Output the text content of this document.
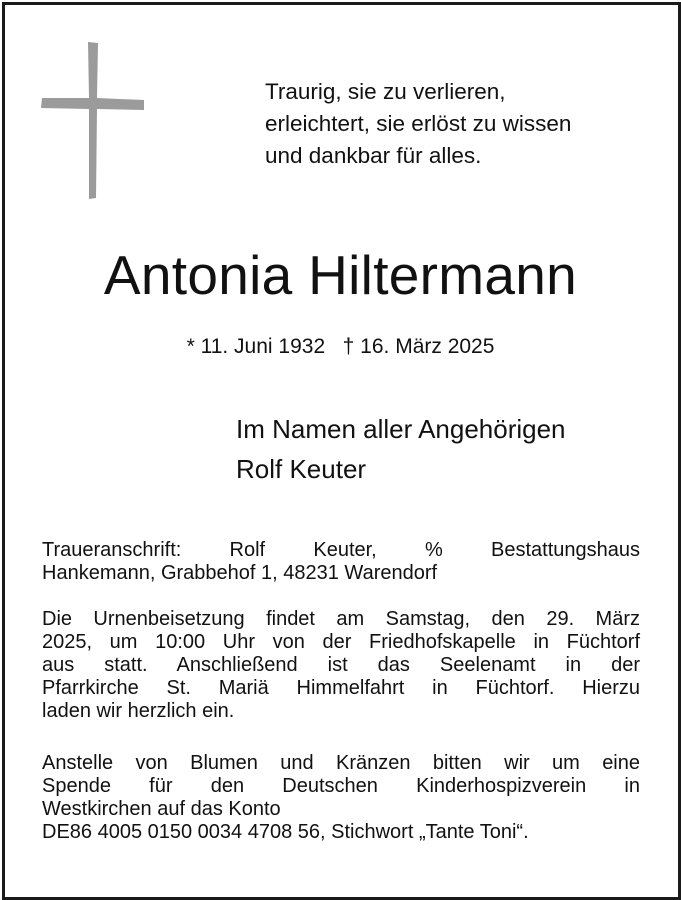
Traurig, sie zu verlieren,
erleichtert, sie erlöst zu wissen
und dankbar für alles.
Antonia Hiltermann
* 11. Juni 1932 † 16. März 2025
Im Namen aller Angehörigen
Rolf Keuter
Traueranschrift: Rolf Keuter, % Bestattungshaus
Hankemann, Grabbehof 1, 48231 Warendorf
Die Urnenbeisetzung findet am Samstag, den 29. März
2025, um 10:00 Uhr von der Friedhofskapelle in Füchtorf
aus statt. Anschließend ist das Seelenamt in der
Pfarrkirche St. Mariä Himmelfahrt in Füchtorf. Hierzu
laden wir herzlich ein.
Anstelle von Blumen und Kränzen bitten wir um eine
Spende für den Deutschen Kinderhospizverein in
Westkirchen auf das Konto
DE86 4005 0150 0034 4708 56, Stichwort „Tante Toni“.
